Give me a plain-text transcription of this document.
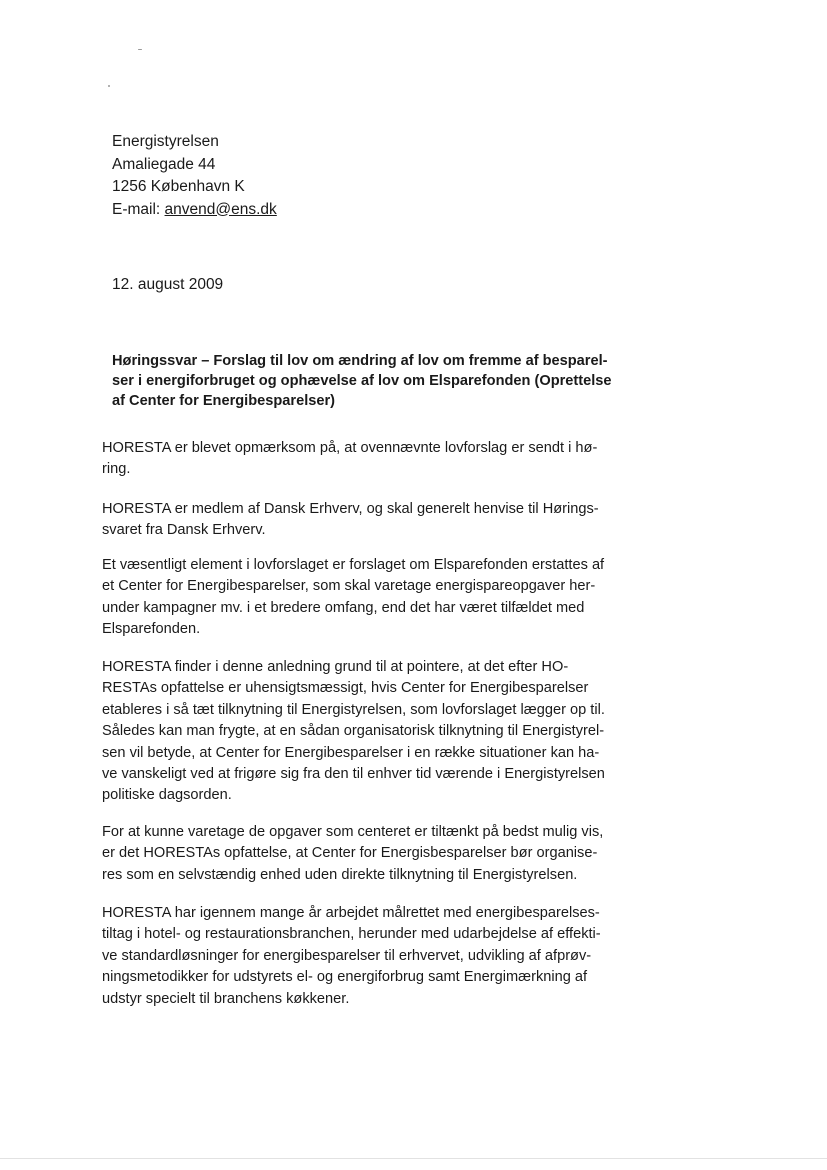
Energistyrelsen
Amaliegade 44
1256 København K
E-mail: anvend@ens.dk
12. august 2009
Høringssvar – Forslag til lov om ændring af lov om fremme af besparel-
ser i energiforbruget og ophævelse af lov om Elsparefonden (Oprettelse
af Center for Energibesparelser)
HORESTA er blevet opmærksom på, at ovennævnte lovforslag er sendt i hø-
ring.
HORESTA er medlem af Dansk Erhverv, og skal generelt henvise til Hørings-
svaret fra Dansk Erhverv.
Et væsentligt element i lovforslaget er forslaget om Elsparefonden erstattes af
et Center for Energibesparelser, som skal varetage energispareopgaver her-
under kampagner mv. i et bredere omfang, end det har været tilfældet med
Elsparefonden.
HORESTA finder i denne anledning grund til at pointere, at det efter HO-
RESTAs opfattelse er uhensigtsmæssigt, hvis Center for Energibesparelser
etableres i så tæt tilknytning til Energistyrelsen, som lovforslaget lægger op til.
Således kan man frygte, at en sådan organisatorisk tilknytning til Energistyrel-
sen vil betyde, at Center for Energibesparelser i en række situationer kan ha-
ve vanskeligt ved at frigøre sig fra den til enhver tid værende i Energistyrelsen
politiske dagsorden.
For at kunne varetage de opgaver som centeret er tiltænkt på bedst mulig vis,
er det HORESTAs opfattelse, at Center for Energisbesparelser bør organise-
res som en selvstændig enhed uden direkte tilknytning til Energistyrelsen.
HORESTA har igennem mange år arbejdet målrettet med energibesparelses-
tiltag i hotel- og restaurationsbranchen, herunder med udarbejdelse af effekti-
ve standardløsninger for energibesparelser til erhvervet, udvikling af afprøv-
ningsmetodikker for udstyrets el- og energiforbrug samt Energimærkning af
udstyr specielt til branchens køkkener.
